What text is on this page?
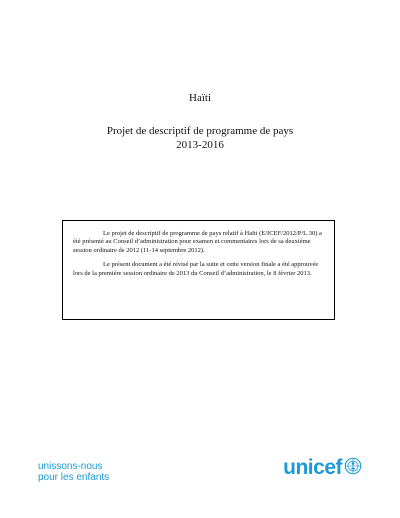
Haïti
Projet de descriptif de programme de pays
2013-2016

Le projet de descriptif de programme de pays relatif à Haïti (E/ICEF/2012/P/L.30) a été présenté au Conseil d’administration pour examen et commentaires lors de sa deuxième session ordinaire de 2012 (11-14 septembre 2012).

Le présent document a été révisé par la suite et cette version finale a été approuvée lors de la première session ordinaire de 2013 du Conseil d’administration, le 8 février 2013.

unissons-nous
pour les enfants	unicef
